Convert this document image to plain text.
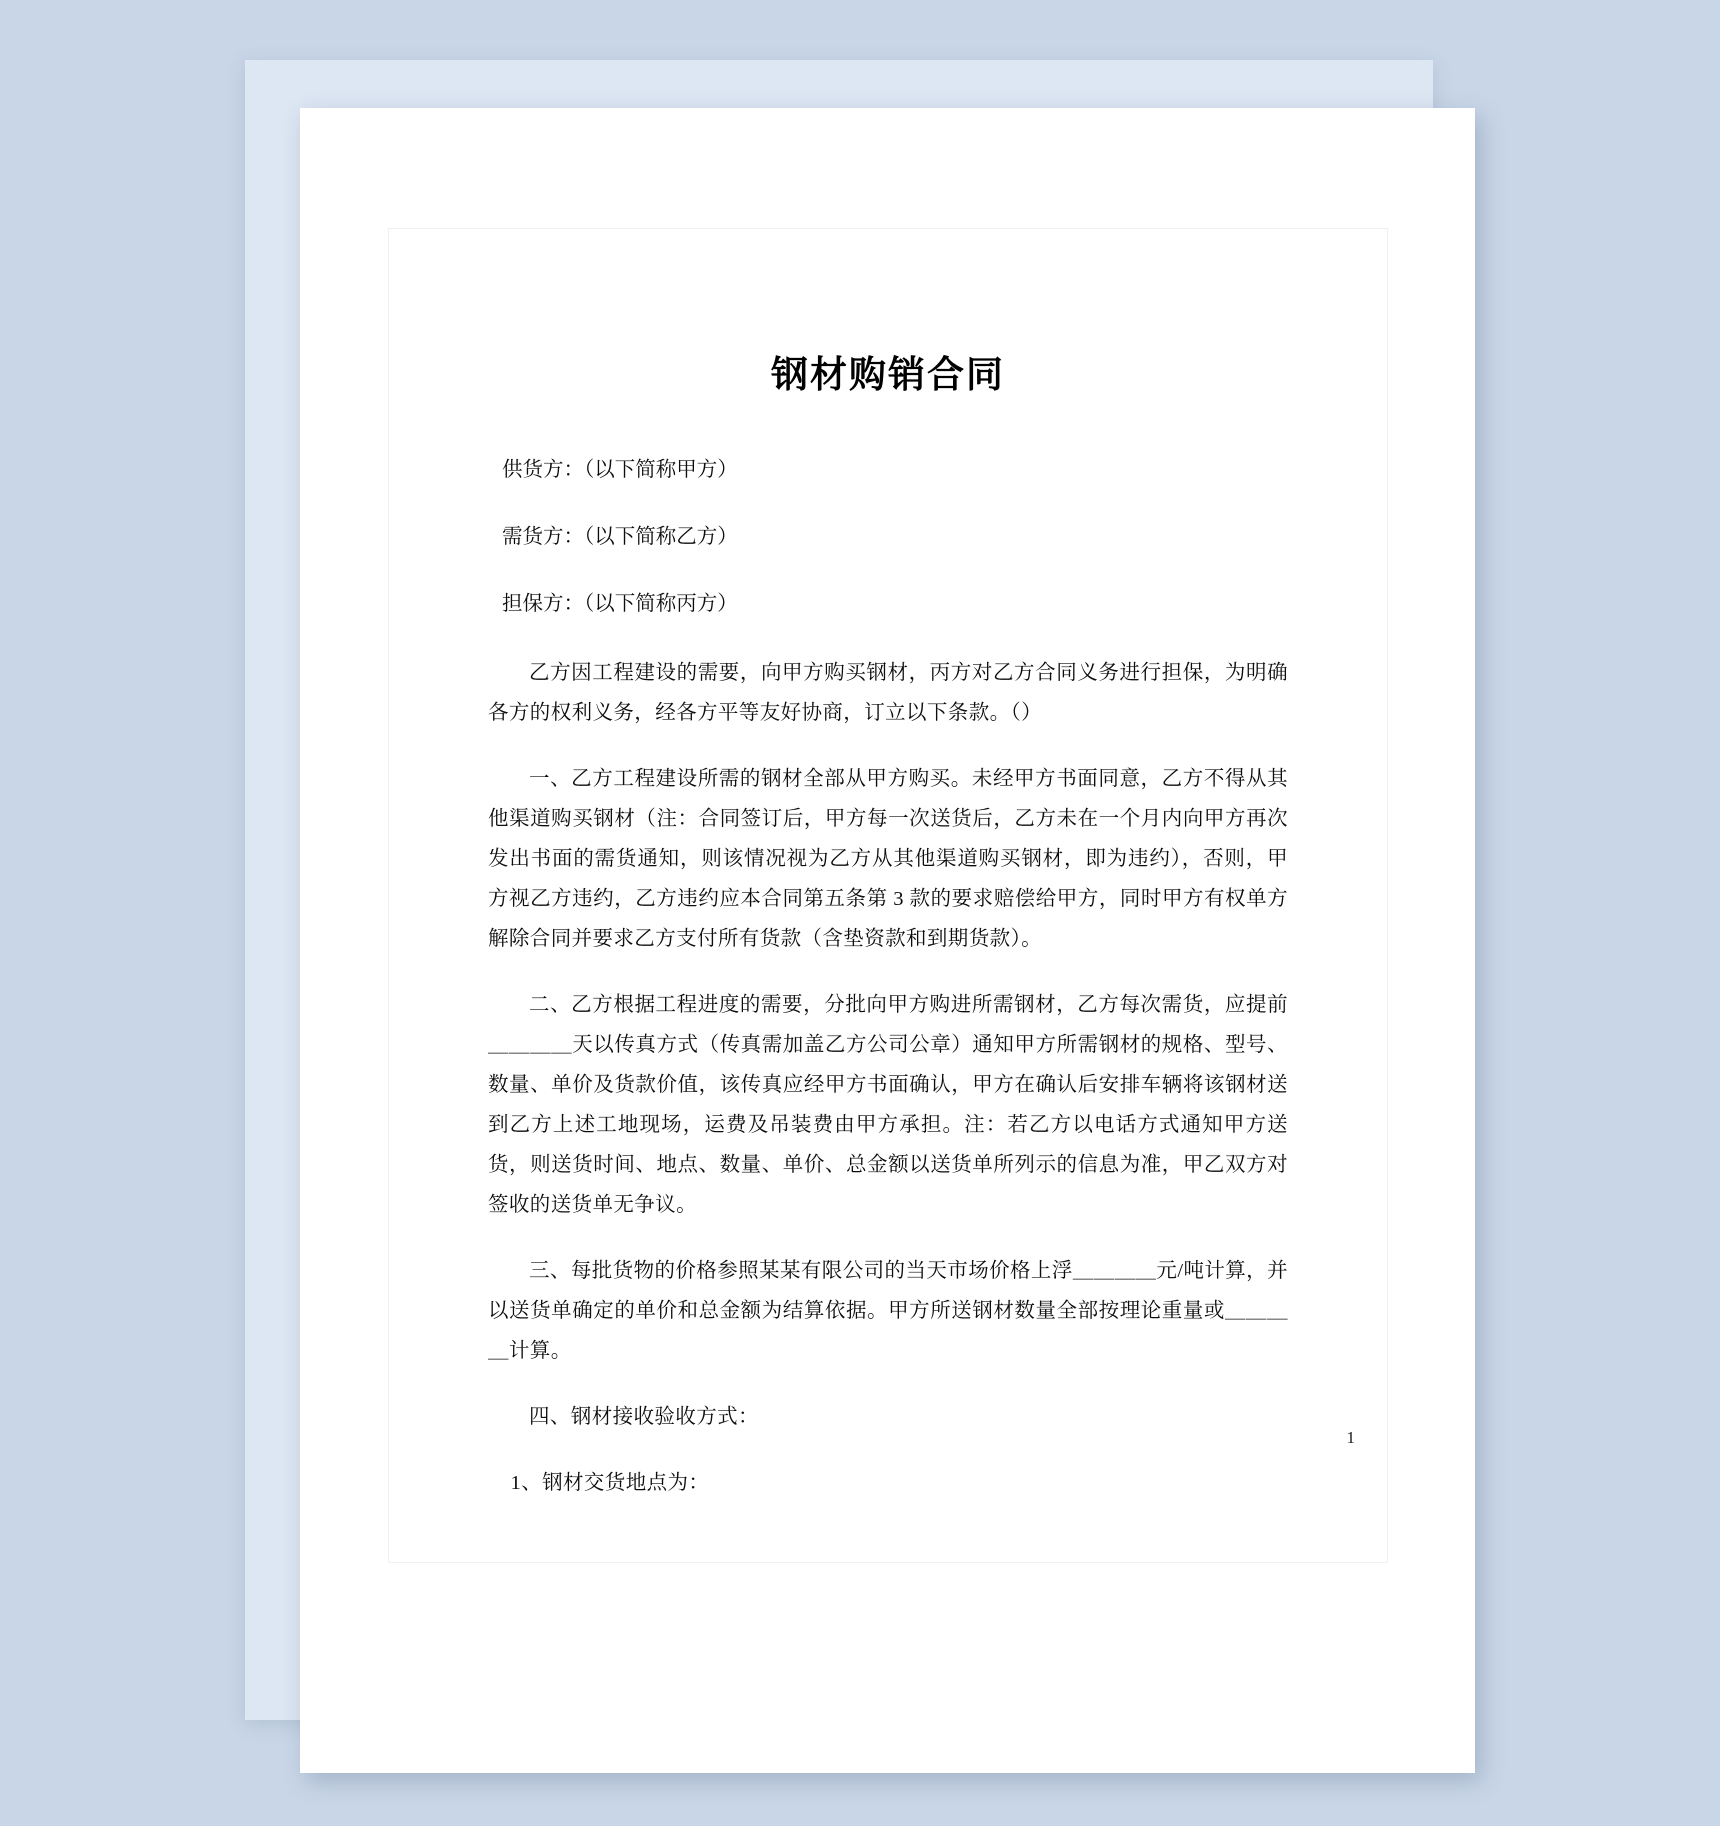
钢材购销合同

供货方：（以下简称甲方）

需货方：（以下简称乙方）

担保方：（以下简称丙方）

乙方因工程建设的需要，向甲方购买钢材，丙方对乙方合同义务进行担保，为明确各方的权利义务，经各方平等友好协商，订立以下条款。（）

一、乙方工程建设所需的钢材全部从甲方购买。未经甲方书面同意，乙方不得从其他渠道购买钢材（注：合同签订后，甲方每一次送货后，乙方未在一个月内向甲方再次发出书面的需货通知，则该情况视为乙方从其他渠道购买钢材，即为违约），否则，甲方视乙方违约，乙方违约应本合同第五条第 3 款的要求赔偿给甲方，同时甲方有权单方解除合同并要求乙方支付所有货款（含垫资款和到期货款）。

二、乙方根据工程进度的需要，分批向甲方购进所需钢材，乙方每次需货，应提前＿＿＿＿天以传真方式（传真需加盖乙方公司公章）通知甲方所需钢材的规格、型号、数量、单价及货款价值，该传真应经甲方书面确认，甲方在确认后安排车辆将该钢材送到乙方上述工地现场，运费及吊装费由甲方承担。注：若乙方以电话方式通知甲方送货，则送货时间、地点、数量、单价、总金额以送货单所列示的信息为准，甲乙双方对签收的送货单无争议。

三、每批货物的价格参照某某有限公司的当天市场价格上浮＿＿＿＿元/吨计算，并以送货单确定的单价和总金额为结算依据。甲方所送钢材数量全部按理论重量或＿＿＿＿计算。

四、钢材接收验收方式：

1、钢材交货地点为：

1
